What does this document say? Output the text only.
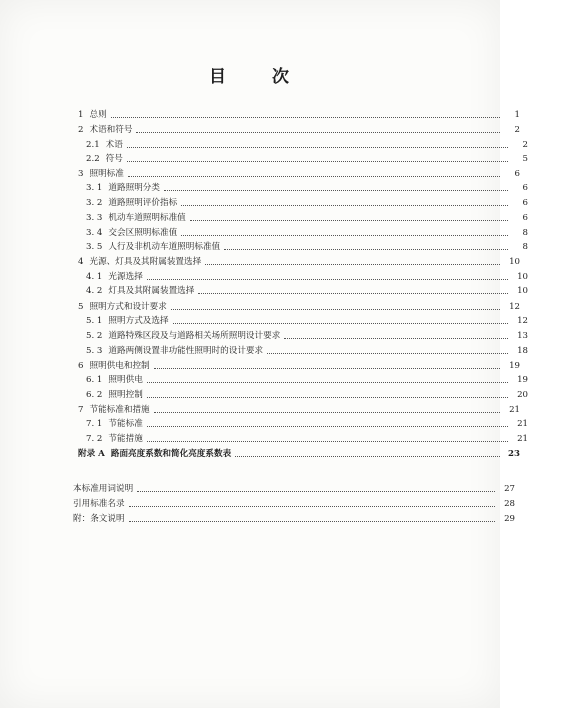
目	次
1 总则	1
2 术语和符号	2
2.1 术语	2
2.2 符号	5
3 照明标准	6
3. 1 道路照明分类	6
3. 2 道路照明评价指标	6
3. 3 机动车道照明标准值	6
3. 4 交会区照明标准值	8
3. 5 人行及非机动车道照明标准值	8
4 光源、灯具及其附属装置选择	10
4. 1 光源选择	10
4. 2 灯具及其附属装置选择	10
5 照明方式和设计要求	12
5. 1 照明方式及选择	12
5. 2 道路特殊区段及与道路相关场所照明设计要求	13
5. 3 道路两侧设置非功能性照明时的设计要求	18
6 照明供电和控制	19
6. 1 照明供电	19
6. 2 照明控制	20
7 节能标准和措施	21
7. 1 节能标准	21
7. 2 节能措施	21
附录 A 路面亮度系数和简化亮度系数表	23
本标准用词说明	27
引用标准名录	28
附：条文说明	29
